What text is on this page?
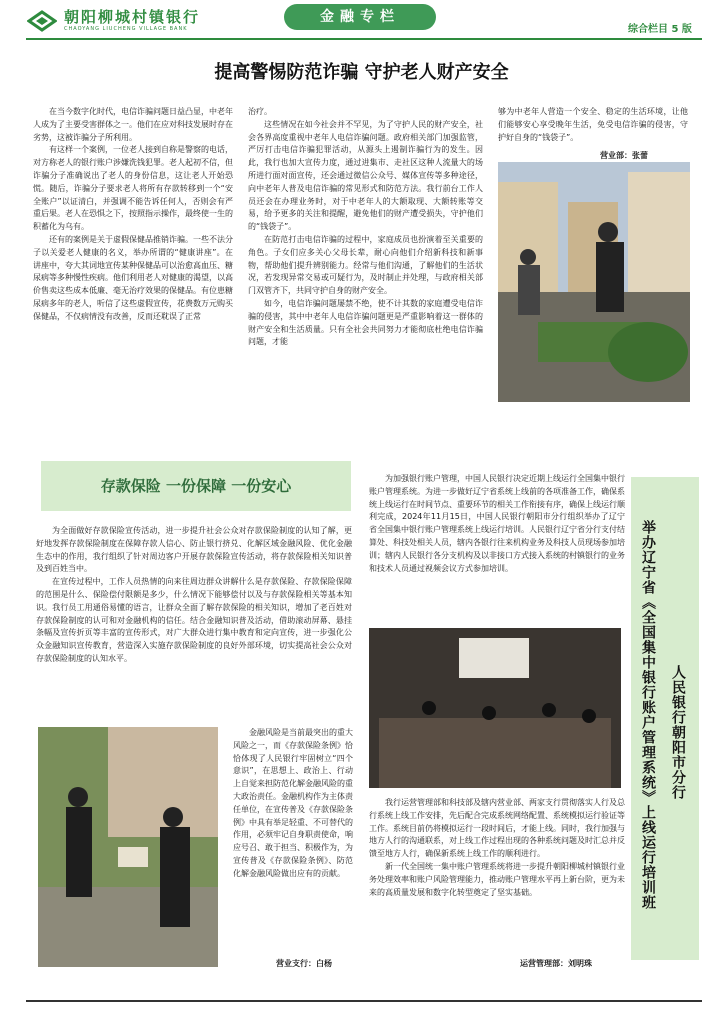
朝阳柳城村镇银行
CHAOYANG LIUCHENG VILLAGE BANK
金融专栏
综合栏目 5 版
提高警惕防范诈骗 守护老人财产安全

在当今数字化时代，电信诈骗问题日益凸显，中老年人成为了主要受害群体之一。他们在应对科技发展时存在劣势，这被诈骗分子所利用。

有这样一个案例，一位老人接到自称是警察的电话，对方称老人的银行账户涉嫌洗钱犯罪。老人起初不信，但诈骗分子准确说出了老人的身份信息，这让老人开始恐慌。随后，诈骗分子要求老人将所有存款转移到一个“安全账户”以证清白，并强调不能告诉任何人，否则会有严重后果。老人在恐惧之下，按照指示操作，最终使一生的积蓄化为乌有。

还有的案例是关于虚假保健品推销诈骗。一些不法分子以关爱老人健康的名义，举办所谓的“健康讲座”。在讲座中，夸大其词地宣传某种保健品可以治愈高血压、糖尿病等多种慢性疾病。他们利用老人对健康的渴望，以高价售卖这些成本低廉、毫无治疗效果的保健品。有位患糖尿病多年的老人，听信了这些虚假宣传，花费数万元购买保健品，不仅病情没有改善，反而还耽误了正常

治疗。

这些情况在如今社会并不罕见，为了守护人民的财产安全，社会各界高度重视中老年人电信诈骗问题。政府相关部门加强监管，严厉打击电信诈骗犯罪活动，从源头上遏制诈骗行为的发生。因此，我行也加大宣传力度，通过进集市、走社区这种人流量大的场所进行面对面宣传，还会通过微信公众号、媒体宣传等多种途径，向中老年人普及电信诈骗的常见形式和防范方法。我行前台工作人员还会在办理业务时，对于中老年人的大额取现、大额转账等交易，给予更多的关注和提醒，避免他们的财产遭受损失，守护他们的“钱袋子”。

在防范打击电信诈骗的过程中，家庭成员也扮演着至关重要的角色。子女们应多关心父母长辈，耐心向他们介绍新科技和新事物，帮助他们提升辨别能力。经常与他们沟通，了解他们的生活状况，若发现异常交易或可疑行为，及时制止并处理，与政府相关部门双管齐下，共同守护自身的财产安全。

如今，电信诈骗问题屡禁不绝，使不计其数的家庭遭受电信诈骗的侵害，其中中老年人电信诈骗问题更是严重影响着这一群体的财产安全和生活质量。只有全社会共同努力才能彻底杜绝电信诈骗问题，才能

够为中老年人营造一个安全、稳定的生活环境，让他们能够安心享受晚年生活，免受电信诈骗的侵害，守护好自身的“钱袋子”。

营业部：张蕾
存款保险 一份保障 一份安心

为全面做好存款保险宣传活动，进一步提升社会公众对存款保险制度的认知了解，更好地发挥存款保险制度在保障存款人信心、防止银行挤兑、化解区域金融风险、优化金融生态中的作用，我行组织了针对周边客户开展存款保险宣传活动，将存款保险相关知识普及到百姓当中。

在宣传过程中，工作人员热情的向来往周边群众讲解什么是存款保险、存款保险保障的范围是什么、保险偿付限额是多少，什么情况下能够偿付以及与存款保险相关等基本知识。我行员工用通俗易懂的语言，让群众全面了解存款保险的相关知识，增加了老百姓对存款保险制度的认可和对金融机构的信任。结合金融知识普及活动，借助滚动屏幕、悬挂条幅及宣传折页等丰富的宣传形式，对广大群众进行集中教育和定向宣传，进一步强化公众金融知识宣传教育，营造深入实施存款保险制度的良好外部环境，切实提高社会公众对存款保险制度的认知水平。

金融风险是当前最突出的重大风险之一，而《存款保险条例》恰恰体现了人民银行牢固树立“四个意识”，在思想上、政治上、行动上自觉来担防范化解金融风险的重大政治责任。金融机构作为主体责任单位，在宣传普及《存款保险条例》中具有举足轻重、不可替代的作用，必须牢记自身职责使命，响应号召、敢于担当、积极作为，为宣传普及《存款保险条例》、防范化解金融风险做出应有的贡献。

营业支行：白杨

为加强银行账户管理，中国人民银行决定近期上线运行全国集中银行账户管理系统。为进一步做好辽宁省系统上线前的各项准备工作，确保系统上线运行在时间节点、重要环节的相关工作衔接有序，确保上线运行顺利完成，2024年11月15日，中国人民银行朝阳市分行组织举办了辽宁省全国集中银行账户管理系统上线运行培训。人民银行辽宁省分行支付结算处、科技处相关人员，辖内各银行往来机构业务及科技人员现场参加培训；辖内人民银行各分支机构及以非接口方式接入系统的村镇银行的业务和技术人员通过视频会议方式参加培训。

我行运营管理部和科技部及辖内营业部、两家支行贯彻落实人行及总行系统上线工作安排，先后配合完成系统网络配置、系统模拟运行验证等工作。系统目前仍将模拟运行一段时间后，才能上线。同时，我行加强与地方人行的沟通联系，对上线工作过程出现的各种系统问题及时汇总并反馈至地方人行，确保新系统上线工作的顺利进行。

新一代全国统一集中账户管理系统将进一步提升朝阳柳城村镇银行业务处理效率和账户风险管理能力，推动账户管理水平再上新台阶，更为未来的高质量发展和数字化转型奠定了坚实基础。

运营管理部：刘明珠
人民银行朝阳市分行
举办辽宁省《全国集中银行账户管理系统》上线运行培训班
